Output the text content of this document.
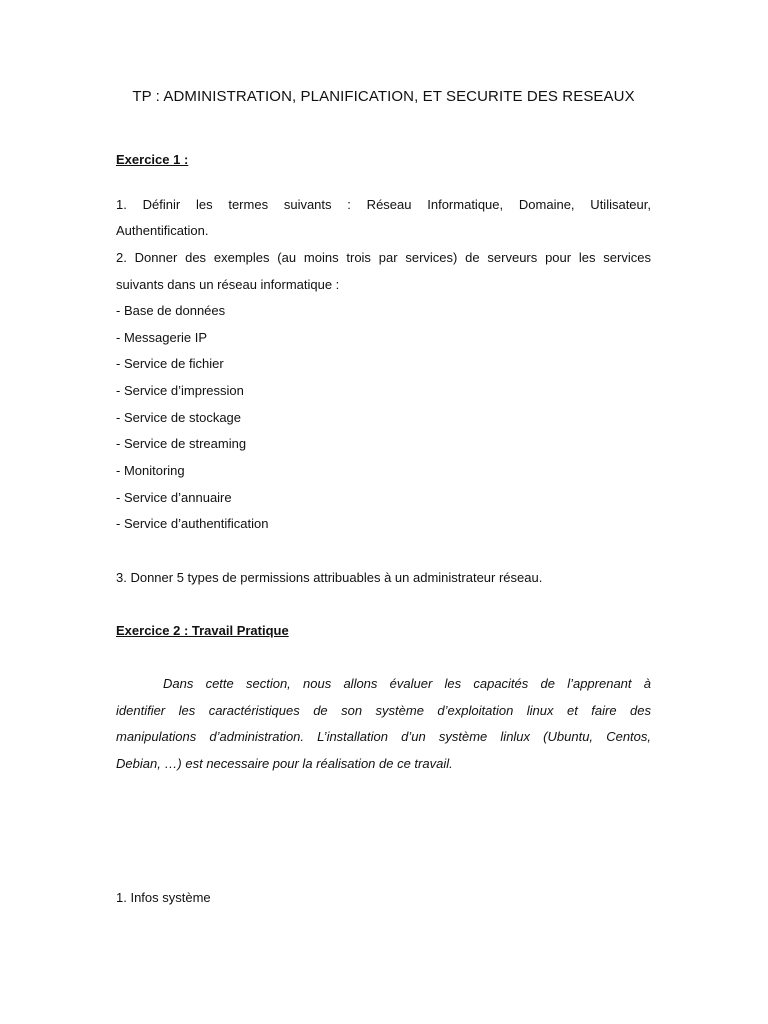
TP : ADMINISTRATION, PLANIFICATION, ET SECURITE DES RESEAUX
Exercice 1 :
1. Définir les termes suivants : Réseau Informatique, Domaine, Utilisateur,
Authentification.
2. Donner des exemples (au moins trois par services) de serveurs pour les services
suivants dans un réseau informatique :
- Base de données
- Messagerie IP
- Service de fichier
- Service d’impression
- Service de stockage
- Service de streaming
- Monitoring
- Service d’annuaire
- Service d’authentification
3. Donner 5 types de permissions attribuables à un administrateur réseau.
Exercice 2 : Travail Pratique
Dans cette section, nous allons évaluer les capacités de l’apprenant à
identifier les caractéristiques de son système d’exploitation linux et faire des
manipulations d’administration. L’installation d’un système linlux (Ubuntu, Centos,
Debian, …) est necessaire pour la réalisation de ce travail.
1. Infos système
